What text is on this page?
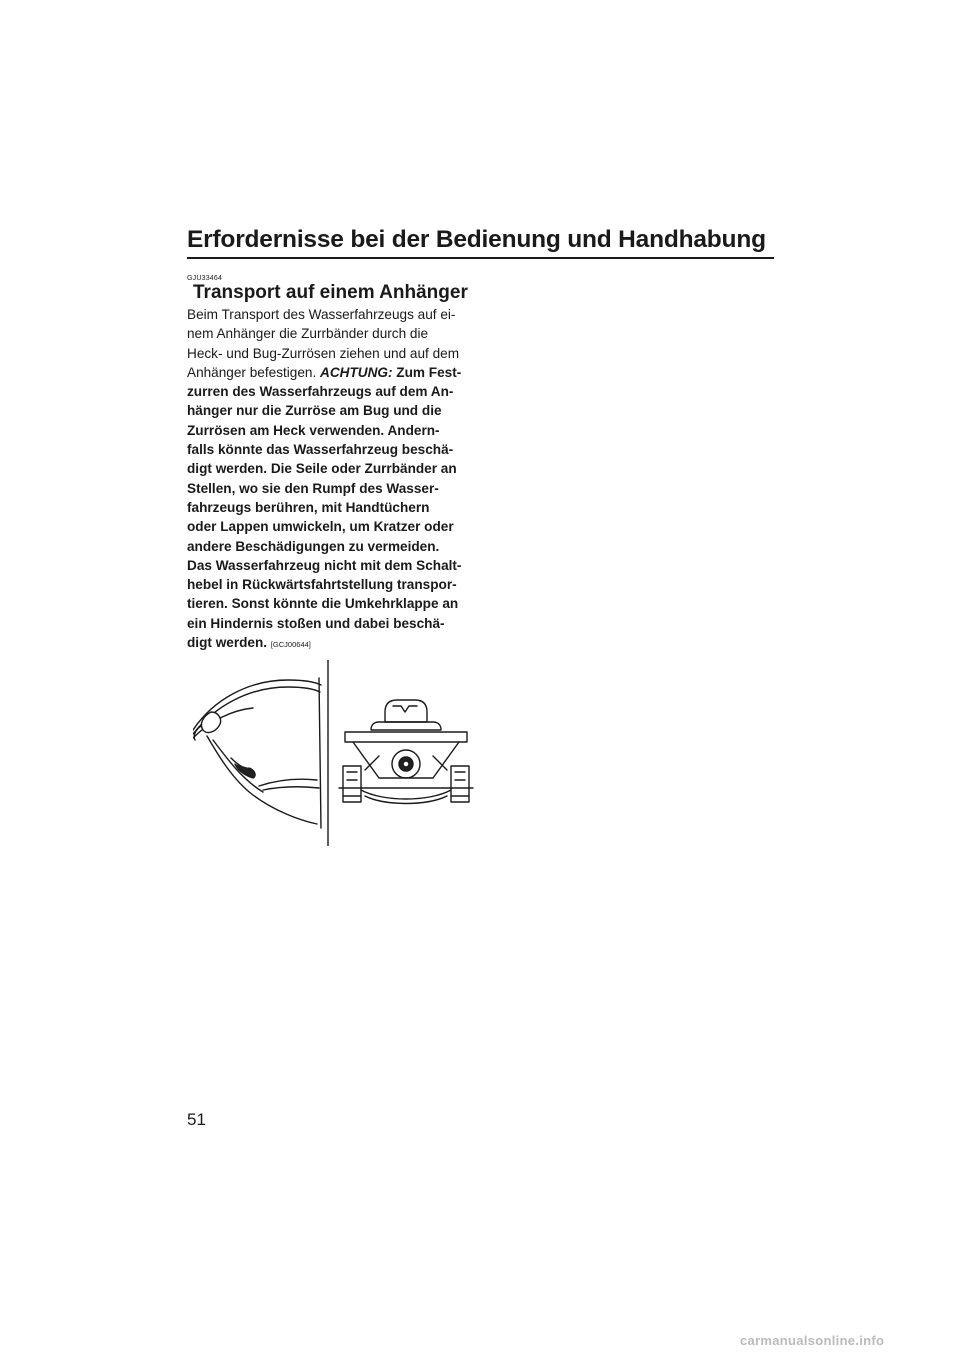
Erfordernisse bei der Bedienung und Handhabung
GJU33464
Transport auf einem Anhänger
Beim Transport des Wasserfahrzeugs auf ei-
nem Anhänger die Zurrbänder durch die
Heck- und Bug-Zurrösen ziehen und auf dem
Anhänger befestigen. ACHTUNG: Zum Fest-
zurren des Wasserfahrzeugs auf dem An-
hänger nur die Zurröse am Bug und die
Zurrösen am Heck verwenden. Andern-
falls könnte das Wasserfahrzeug beschä-
digt werden. Die Seile oder Zurrbänder an
Stellen, wo sie den Rumpf des Wasser-
fahrzeugs berühren, mit Handtüchern
oder Lappen umwickeln, um Kratzer oder
andere Beschädigungen zu vermeiden.
Das Wasserfahrzeug nicht mit dem Schalt-
hebel in Rückwärtsfahrtstellung transpor-
tieren. Sonst könnte die Umkehrklappe an
ein Hindernis stoßen und dabei beschä-
digt werden. [GCJ00644]
51
carmanualsonline.info
